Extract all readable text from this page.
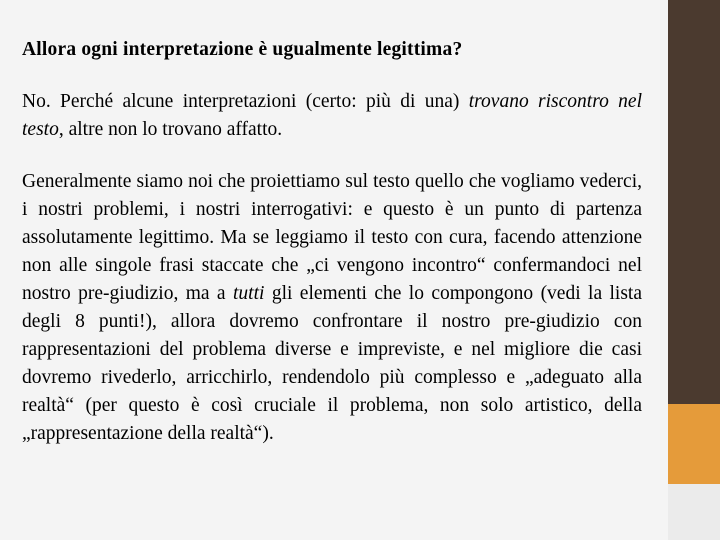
Allora ogni interpretazione è ugualmente legittima?

No. Perché alcune interpretazioni (certo: più di una) trovano riscontro nel testo, altre non lo trovano affatto.

Generalmente siamo noi che proiettiamo sul testo quello che vogliamo vederci, i nostri problemi, i nostri interrogativi: e questo è un punto di partenza assolutamente legittimo. Ma se leggiamo il testo con cura, facendo attenzione non alle singole frasi staccate che „ci vengono incontro“ confermandoci nel nostro pre-giudizio, ma a tutti gli elementi che lo compongono (vedi la lista degli 8 punti!), allora dovremo confrontare il nostro pre-giudizio con rappresentazioni del problema diverse e impreviste, e nel migliore die casi dovremo rivederlo, arricchirlo, rendendolo più complesso e „adeguato alla realtà“ (per questo è così cruciale il problema, non solo artistico, della „rappresentazione della realtà“).
